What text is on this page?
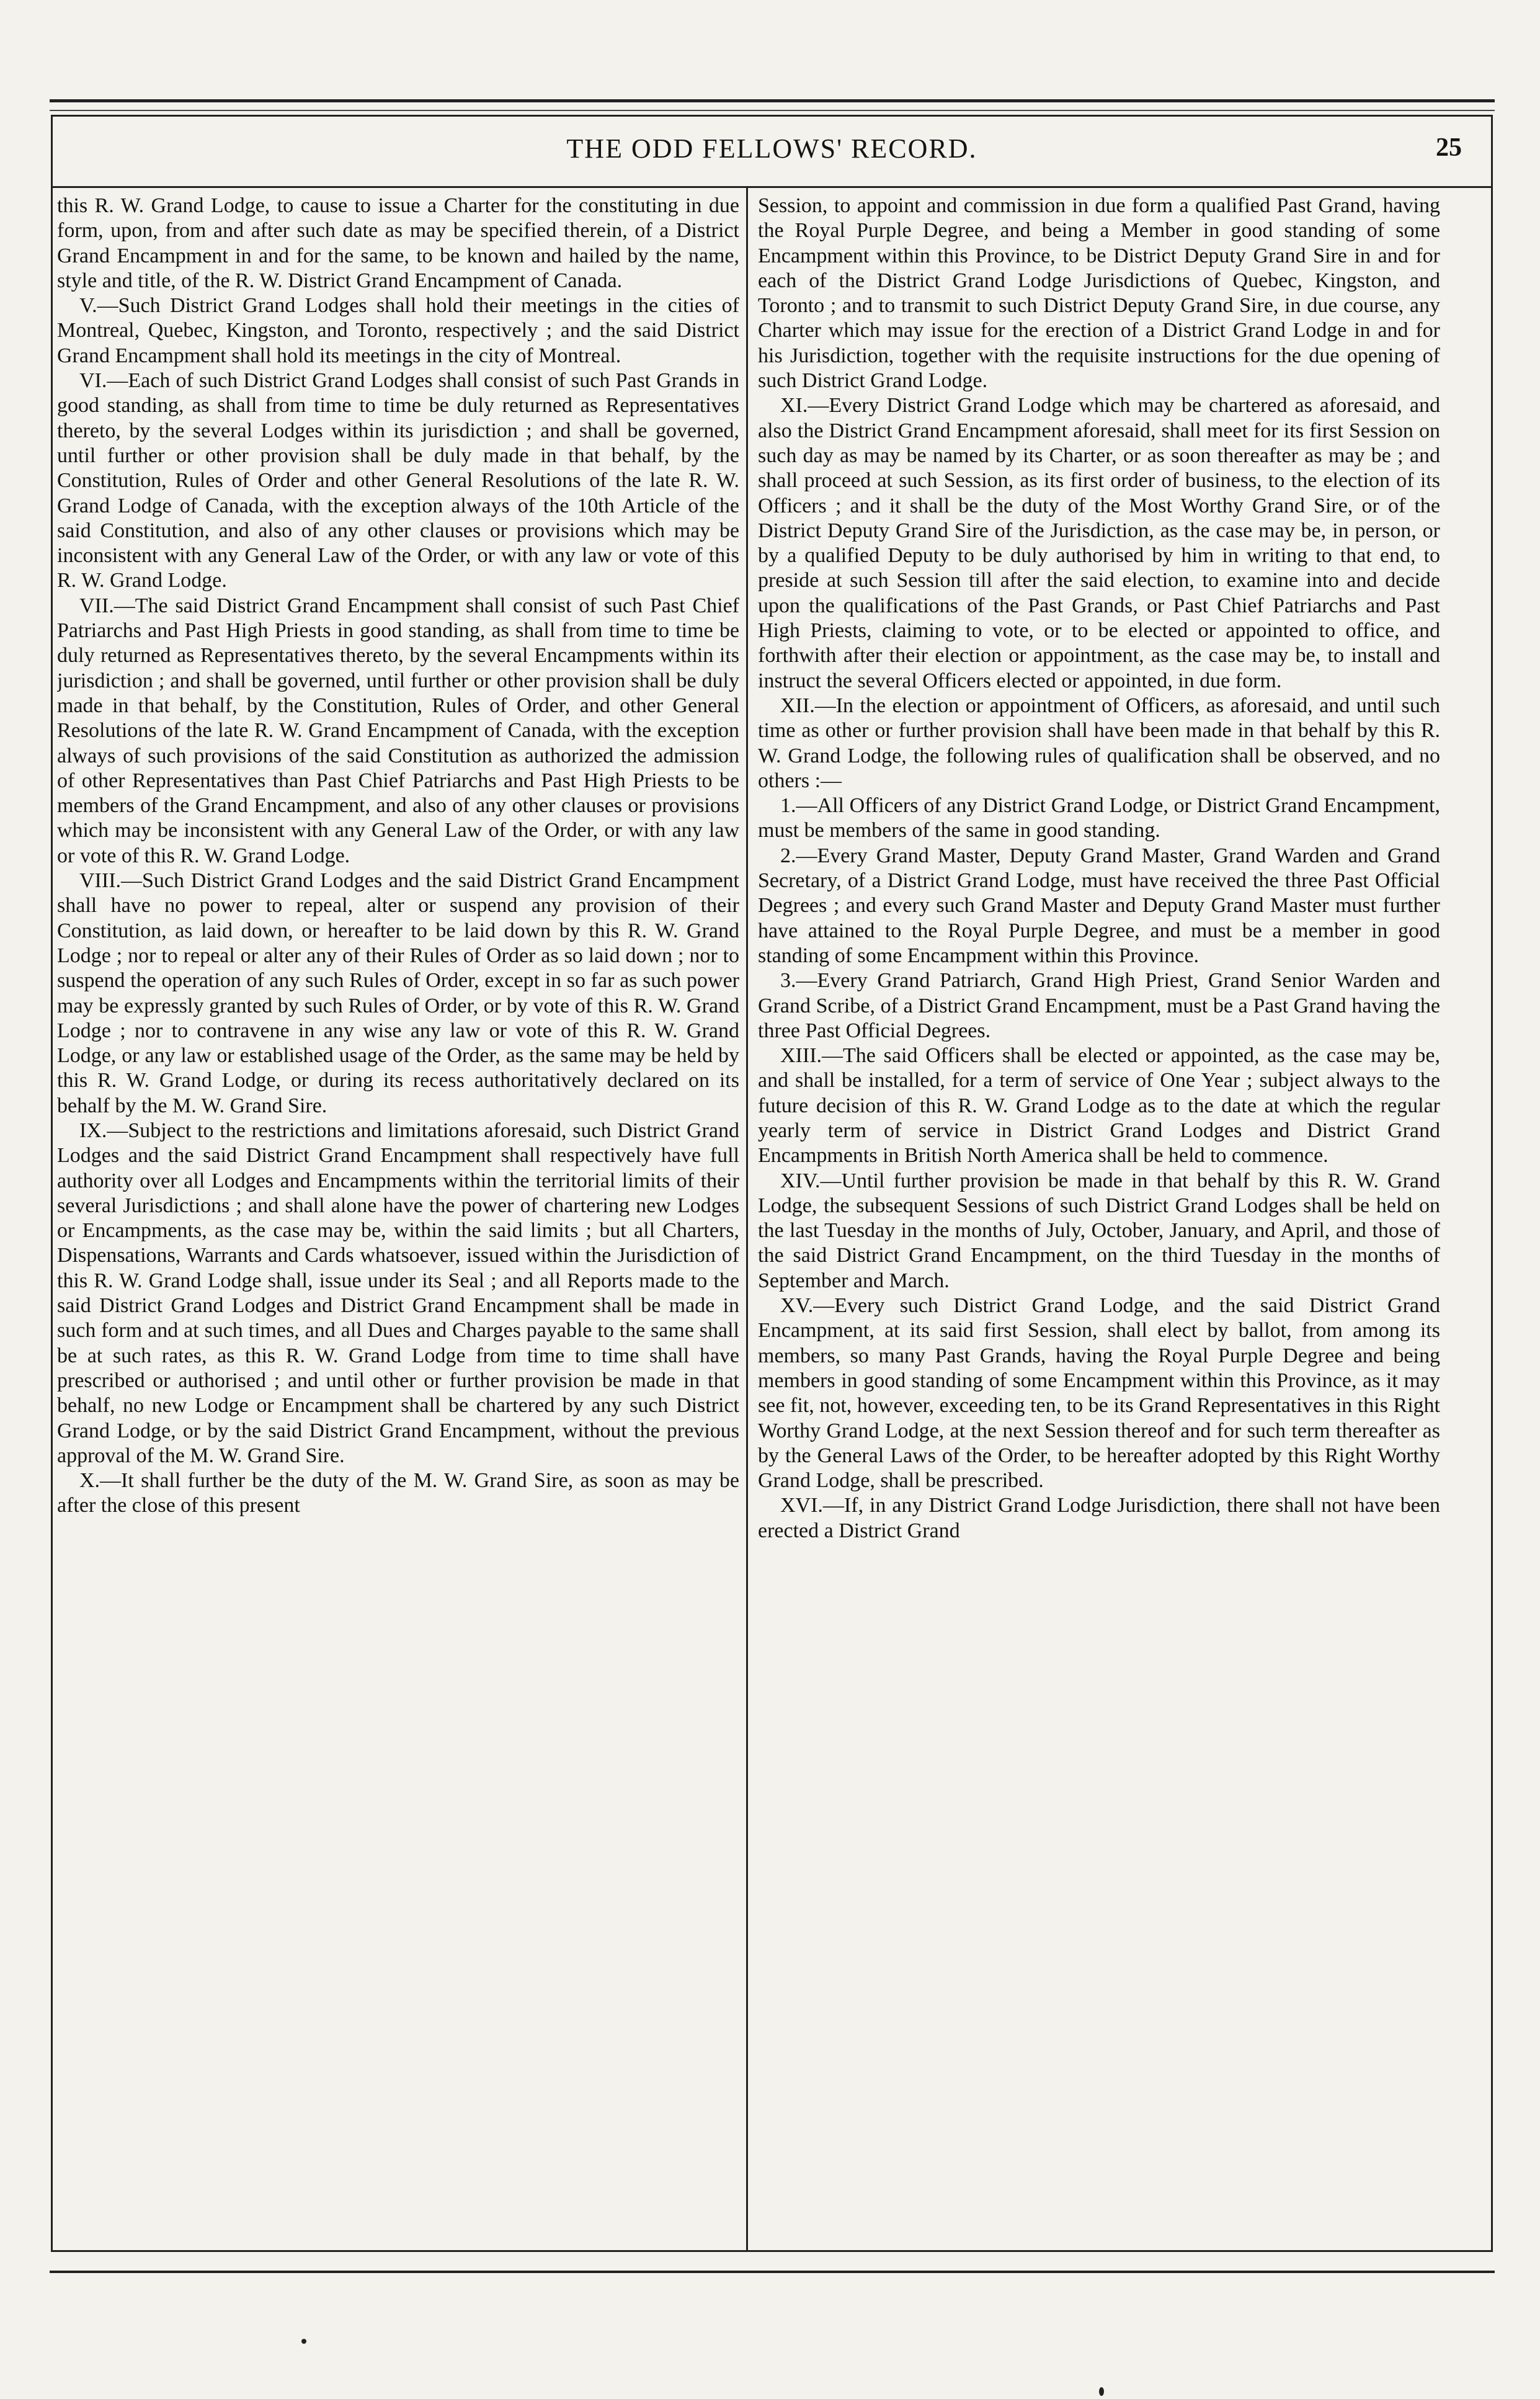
THE ODD FELLOWS' RECORD.	25

this R. W. Grand Lodge, to cause to issue a Charter for the constituting in due form, upon, from and after such date as may be specified therein, of a District Grand Encampment in and for the same, to be known and hailed by the name, style and title, of the R. W. District Grand Encampment of Canada.

V.—Such District Grand Lodges shall hold their meetings in the cities of Montreal, Quebec, Kingston, and Toronto, respectively ; and the said District Grand Encampment shall hold its meetings in the city of Montreal.

VI.—Each of such District Grand Lodges shall consist of such Past Grands in good standing, as shall from time to time be duly returned as Representatives thereto, by the several Lodges within its jurisdiction ; and shall be governed, until further or other provision shall be duly made in that behalf, by the Constitution, Rules of Order and other General Resolutions of the late R. W. Grand Lodge of Canada, with the exception always of the 10th Article of the said Constitution, and also of any other clauses or provisions which may be inconsistent with any General Law of the Order, or with any law or vote of this R. W. Grand Lodge.

VII.—The said District Grand Encampment shall consist of such Past Chief Patriarchs and Past High Priests in good standing, as shall from time to time be duly returned as Representatives thereto, by the several Encampments within its jurisdiction ; and shall be governed, until further or other provision shall be duly made in that behalf, by the Constitution, Rules of Order, and other General Resolutions of the late R. W. Grand Encampment of Canada, with the exception always of such provisions of the said Constitution as authorized the admission of other Representatives than Past Chief Patriarchs and Past High Priests to be members of the Grand Encampment, and also of any other clauses or provisions which may be inconsistent with any General Law of the Order, or with any law or vote of this R. W. Grand Lodge.

VIII.—Such District Grand Lodges and the said District Grand Encampment shall have no power to repeal, alter or suspend any provision of their Constitution, as laid down, or hereafter to be laid down by this R. W. Grand Lodge ; nor to repeal or alter any of their Rules of Order as so laid down ; nor to suspend the operation of any such Rules of Order, except in so far as such power may be expressly granted by such Rules of Order, or by vote of this R. W. Grand Lodge ; nor to contravene in any wise any law or vote of this R. W. Grand Lodge, or any law or established usage of the Order, as the same may be held by this R. W. Grand Lodge, or during its recess authoritatively declared on its behalf by the M. W. Grand Sire.

IX.—Subject to the restrictions and limitations aforesaid, such District Grand Lodges and the said District Grand Encampment shall respectively have full authority over all Lodges and Encampments within the territorial limits of their several Jurisdictions ; and shall alone have the power of chartering new Lodges or Encampments, as the case may be, within the said limits ; but all Charters, Dispensations, Warrants and Cards whatsoever, issued within the Jurisdiction of this R. W. Grand Lodge shall, issue under its Seal ; and all Reports made to the said District Grand Lodges and District Grand Encampment shall be made in such form and at such times, and all Dues and Charges payable to the same shall be at such rates, as this R. W. Grand Lodge from time to time shall have prescribed or authorised ; and until other or further provision be made in that behalf, no new Lodge or Encampment shall be chartered by any such District Grand Lodge, or by the said District Grand Encampment, without the previous approval of the M. W. Grand Sire.

X.—It shall further be the duty of the M. W. Grand Sire, as soon as may be after the close of this present

Session, to appoint and commission in due form a qualified Past Grand, having the Royal Purple Degree, and being a Member in good standing of some Encampment within this Province, to be District Deputy Grand Sire in and for each of the District Grand Lodge Jurisdictions of Quebec, Kingston, and Toronto ; and to transmit to such District Deputy Grand Sire, in due course, any Charter which may issue for the erection of a District Grand Lodge in and for his Jurisdiction, together with the requisite instructions for the due opening of such District Grand Lodge.

XI.—Every District Grand Lodge which may be chartered as aforesaid, and also the District Grand Encampment aforesaid, shall meet for its first Session on such day as may be named by its Charter, or as soon thereafter as may be ; and shall proceed at such Session, as its first order of business, to the election of its Officers ; and it shall be the duty of the Most Worthy Grand Sire, or of the District Deputy Grand Sire of the Jurisdiction, as the case may be, in person, or by a qualified Deputy to be duly authorised by him in writing to that end, to preside at such Session till after the said election, to examine into and decide upon the qualifications of the Past Grands, or Past Chief Patriarchs and Past High Priests, claiming to vote, or to be elected or appointed to office, and forthwith after their election or appointment, as the case may be, to install and instruct the several Officers elected or appointed, in due form.

XII.—In the election or appointment of Officers, as aforesaid, and until such time as other or further provision shall have been made in that behalf by this R. W. Grand Lodge, the following rules of qualification shall be observed, and no others :—

1.—All Officers of any District Grand Lodge, or District Grand Encampment, must be members of the same in good standing.

2.—Every Grand Master, Deputy Grand Master, Grand Warden and Grand Secretary, of a District Grand Lodge, must have received the three Past Official Degrees ; and every such Grand Master and Deputy Grand Master must further have attained to the Royal Purple Degree, and must be a member in good standing of some Encampment within this Province.

3.—Every Grand Patriarch, Grand High Priest, Grand Senior Warden and Grand Scribe, of a District Grand Encampment, must be a Past Grand having the three Past Official Degrees.

XIII.—The said Officers shall be elected or appointed, as the case may be, and shall be installed, for a term of service of One Year ; subject always to the future decision of this R. W. Grand Lodge as to the date at which the regular yearly term of service in District Grand Lodges and District Grand Encampments in British North America shall be held to commence.

XIV.—Until further provision be made in that behalf by this R. W. Grand Lodge, the subsequent Sessions of such District Grand Lodges shall be held on the last Tuesday in the months of July, October, January, and April, and those of the said District Grand Encampment, on the third Tuesday in the months of September and March.

XV.—Every such District Grand Lodge, and the said District Grand Encampment, at its said first Session, shall elect by ballot, from among its members, so many Past Grands, having the Royal Purple Degree and being members in good standing of some Encampment within this Province, as it may see fit, not, however, exceeding ten, to be its Grand Representatives in this Right Worthy Grand Lodge, at the next Session thereof and for such term thereafter as by the General Laws of the Order, to be hereafter adopted by this Right Worthy Grand Lodge, shall be prescribed.

XVI.—If, in any District Grand Lodge Jurisdiction, there shall not have been erected a District Grand
